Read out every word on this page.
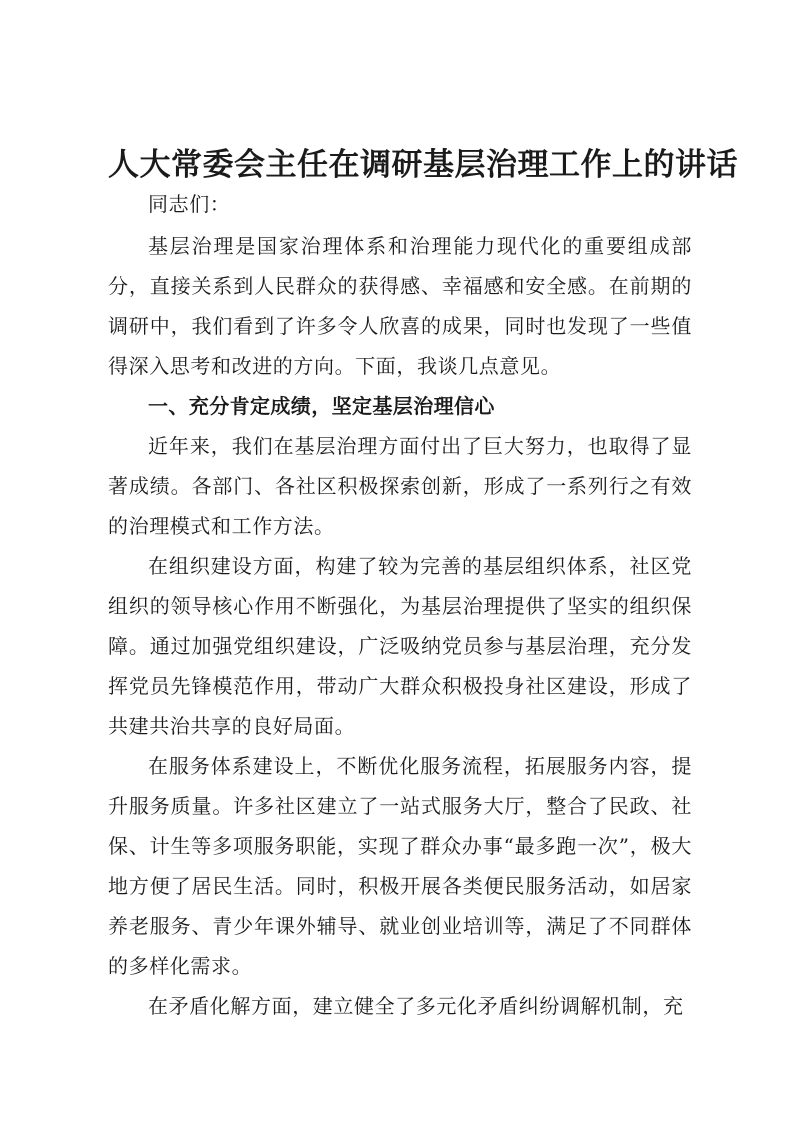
人大常委会主任在调研基层治理工作上的讲话

同志们：

基层治理是国家治理体系和治理能力现代化的重要组成部分，直接关系到人民群众的获得感、幸福感和安全感。在前期的调研中，我们看到了许多令人欣喜的成果，同时也发现了一些值得深入思考和改进的方向。下面，我谈几点意见。

一、充分肯定成绩，坚定基层治理信心

近年来，我们在基层治理方面付出了巨大努力，也取得了显著成绩。各部门、各社区积极探索创新，形成了一系列行之有效的治理模式和工作方法。

在组织建设方面，构建了较为完善的基层组织体系，社区党组织的领导核心作用不断强化，为基层治理提供了坚实的组织保障。通过加强党组织建设，广泛吸纳党员参与基层治理，充分发挥党员先锋模范作用，带动广大群众积极投身社区建设，形成了共建共治共享的良好局面。

在服务体系建设上，不断优化服务流程，拓展服务内容，提升服务质量。许多社区建立了一站式服务大厅，整合了民政、社保、计生等多项服务职能，实现了群众办事“最多跑一次”，极大地方便了居民生活。同时，积极开展各类便民服务活动，如居家养老服务、青少年课外辅导、就业创业培训等，满足了不同群体的多样化需求。

在矛盾化解方面，建立健全了多元化矛盾纠纷调解机制，充
